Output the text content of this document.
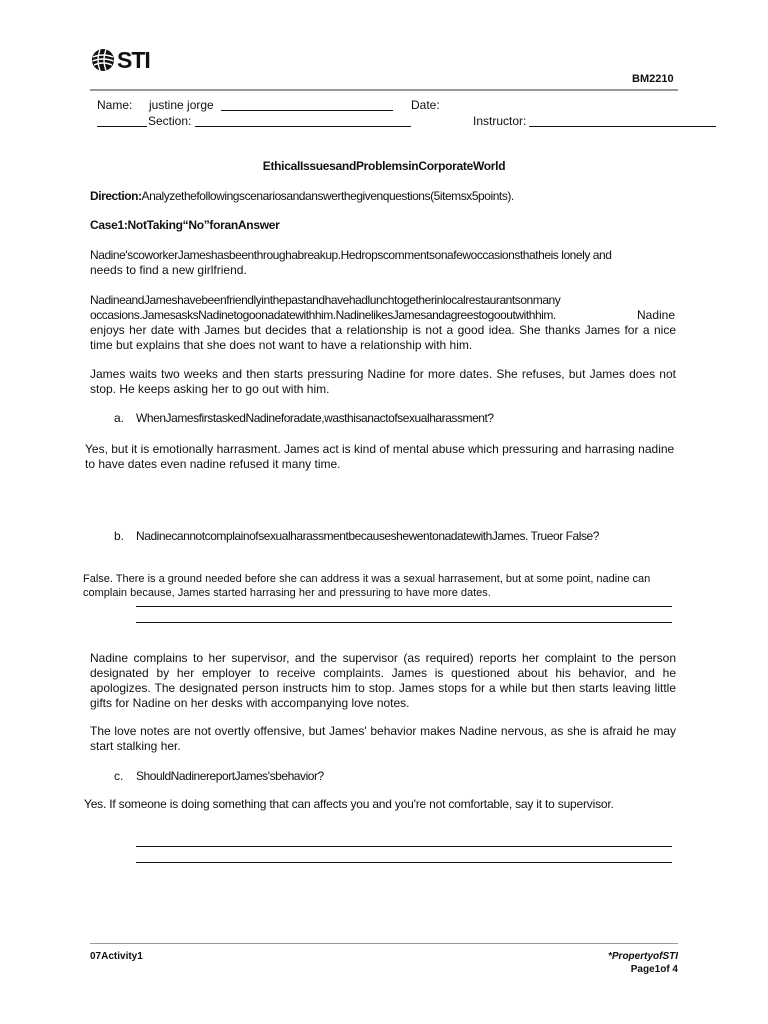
STI
BM2210
Name: justine jorge	Date:
Section:	Instructor:
EthicalIssuesandProblemsinCorporateWorld
Direction:Analyzethefollowingscenariosandanswerthegivenquestions(5itemsx5points).
Case1:NotTaking“No”foranAnswer
Nadine'scoworkerJameshasbeenthroughabreakup.Hedropscommentsonafewoccasionsthatheis lonely and
needs to find a new girlfriend.
NadineandJameshavebeenfriendlyinthepastandhavehadlunchtogetherinlocalrestaurantsonmany
occasions.JamesasksNadinetogoonadatewithhim.NadinelikesJamesandagreestogooutwithhim.	Nadine
enjoys her date with James but decides that a relationship is not a good idea. She thanks James for a nice time but explains that she does not want to have a relationship with him.
James waits two weeks and then starts pressuring Nadine for more dates. She refuses, but James does not stop. He keeps asking her to go out with him.
a. WhenJamesfirstaskedNadineforadate,wasthisanactofsexualharassment?
Yes, but it is emotionally harrasment. James act is kind of mental abuse which pressuring and harrasing nadine to have dates even nadine refused it many time.
b. NadinecannotcomplainofsexualharassmentbecauseshewentonadatewithJames. Trueor False?
False. There is a ground needed before she can address it was a sexual harrasement, but at some point, nadine can
complain because, James started harrasing her and pressuring to have more dates.
Nadine complains to her supervisor, and the supervisor (as required) reports her complaint to the person designated by her employer to receive complaints. James is questioned about his behavior, and he apologizes. The designated person instructs him to stop. James stops for a while but then starts leaving little gifts for Nadine on her desks with accompanying love notes.
The love notes are not overtly offensive, but James' behavior makes Nadine nervous, as she is afraid he may start stalking her.
c. ShouldNadinereportJames'sbehavior?
Yes. If someone is doing something that can affects you and you're not comfortable, say it to supervisor.
07Activity1	*PropertyofSTI
Page1of 4
